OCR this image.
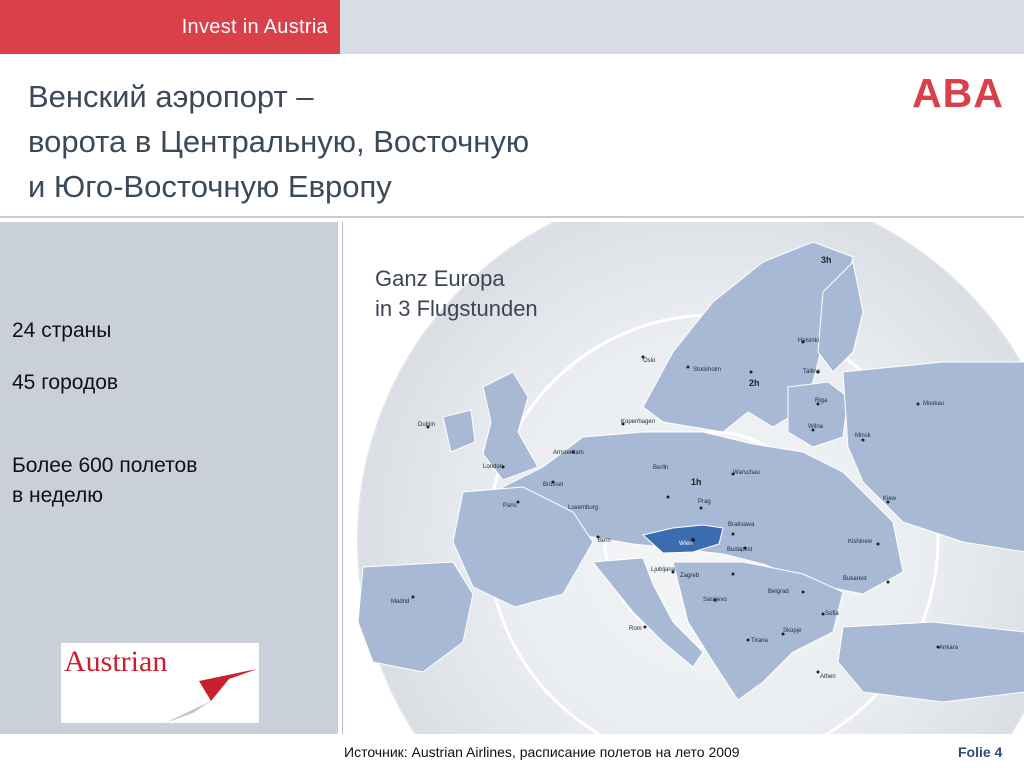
Invest in Austria
Венский аэропорт –
ворота в Центральную, Восточную
и Юго-Восточную Европу
ABA
24 страны
45 городов
Более 600 полетов
в неделю
Austrian
Ganz Europa
in 3 Flugstunden
3h
2h
1h
Helsinki
Oslo
Stockholm	Tallinn
Riga	Moskau
Wilna
Minsk
Kopenhagen
Dublin
Amsterdam
London
Brüssel
Berlin
Warschau
Luxemburg
Paris
Prag	Kiew
Bratislava
Wien
Budapest
Bern	Kishinew
Ljubljana
Zagreb	Bukarest
Belgrad
Madrid	Sarajevo
Rom
Sofia
Skopje
Tirana
Ankara
Athen
Источник: Austrian Airlines, расписание полетов на лето 2009	Folie 4
